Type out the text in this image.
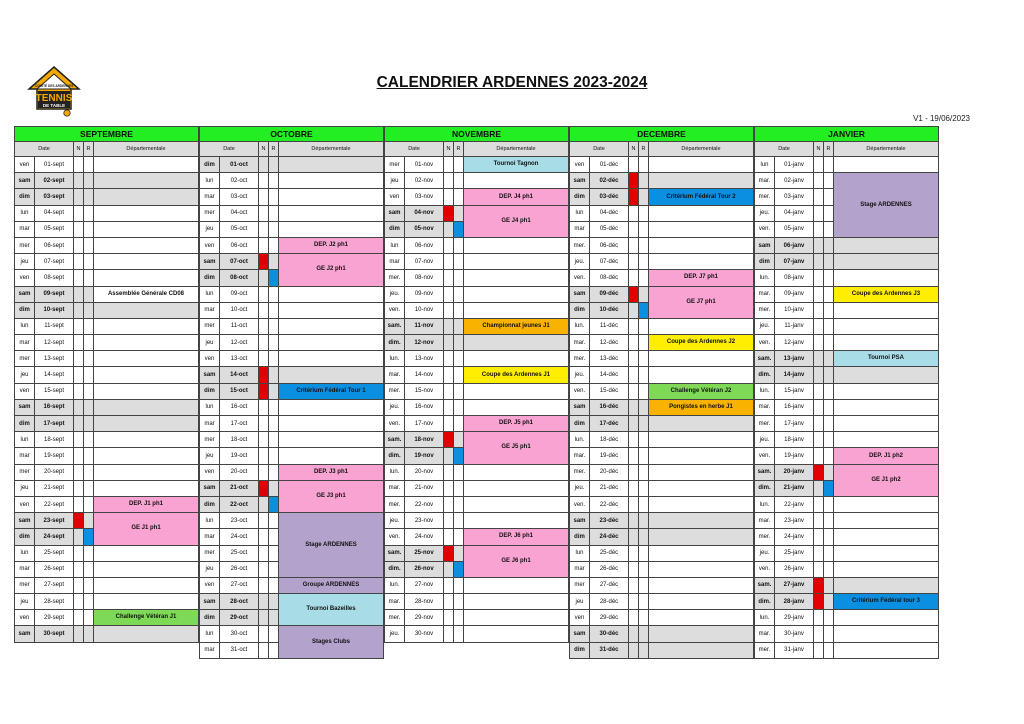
COMITÉ DES ARDENNES
TENNIS
DE TABLE
CALENDRIER ARDENNES 2023-2024
V1 - 19/06/2023
SEPTEMBRE					OCTOBRE					NOVEMBRE					DECEMBRE					JANVIER				
Date		N	R	Départementale		Date		N	R	Départementale		Date		N	R	Départementale		Date		N	R	Départementale		Date		N	R	Départementale
ven	01-sept					dim	01-oct					mer	01-nov			Tournoi Tagnon		ven	01-déc					lun	01-janv			
sam	02-sept					lun	02-oct					jeu	02-nov					sam	02-déc					mar.	02-janv			Stage ARDENNES
dim	03-sept					mar	03-oct					ven	03-nov			DEP. J4 ph1		dim	03-déc			Critérium Fédéral Tour 2		mer.	03-janv			
lun	04-sept					mer	04-oct					sam	04-nov			GE J4 ph1		lun	04-déc					jeu.	04-janv			
mar	05-sept					jeu	05-oct					dim	05-nov				mar	05-déc					ven.	05-janv			
mer	06-sept					ven	06-oct			DEP. J2 ph1		lun	06-nov					mer.	06-déc					sam	06-janv			
jeu	07-sept					sam	07-oct			GE J2 ph1		mar	07-nov					jeu.	07-déc					dim	07-janv			
ven	08-sept					dim	08-oct				mer.	08-nov					ven.	08-déc			DEP. J7 ph1		lun.	08-janv			
sam	09-sept			Assemblée Générale CD08		lun	09-oct					jeu.	09-nov					sam	09-déc			GE J7 ph1		mar.	09-janv			Coupe des Ardennes J3
dim	10-sept					mar	10-oct					ven.	10-nov					dim	10-déc				mer.	10-janv			
lun	11-sept					mer	11-oct					sam.	11-nov			Championnat jeunes J1		lun.	11-déc					jeu.	11-janv			
mar	12-sept					jeu	12-oct					dim.	12-nov					mar.	12-déc			Coupe des Ardennes J2		ven.	12-janv			
mer	13-sept					ven	13-oct					lun.	13-nov					mer.	13-déc					sam.	13-janv			Tournoi PSA
jeu	14-sept					sam	14-oct					mar.	14-nov			Coupe des Ardennes J1		jeu.	14-déc					dim.	14-janv			
ven	15-sept					dim	15-oct			Critérium Fédéral Tour 1		mer.	15-nov					ven.	15-déc			Challenge Vétéran J2		lun.	15-janv			
sam	16-sept					lun	16-oct					jeu.	16-nov					sam	16-déc			Pongistes en herbe J1		mar.	16-janv			
dim	17-sept					mar	17-oct					ven.	17-nov			DEP. J5 ph1		dim	17-déc					mer.	17-janv			
lun	18-sept					mer	18-oct					sam.	18-nov			GE J5 ph1		lun.	18-déc					jeu.	18-janv			
mar	19-sept					jeu	19-oct					dim.	19-nov				mar.	19-déc					ven.	19-janv			DEP. J1 ph2
mer	20-sept					ven	20-oct			DEP. J3 ph1		lun.	20-nov					mer.	20-déc					sam.	20-janv			GE J1 ph2
jeu	21-sept					sam	21-oct			GE J3 ph1		mar.	21-nov					jeu.	21-déc					dim.	21-janv			
ven	22-sept			DEP. J1 ph1		dim	22-oct				mer.	22-nov					ven.	22-déc					lun.	22-janv			
sam	23-sept			GE J1 ph1		lun	23-oct			Stage ARDENNES		jeu.	23-nov					sam	23-déc					mar.	23-janv			
dim	24-sept				mar	24-oct				ven.	24-nov			DEP. J6 ph1		dim	24-déc					mer.	24-janv			
lun	25-sept					mer	25-oct				sam.	25-nov			GE J6 ph1		lun	25-déc					jeu.	25-janv			
mar	26-sept					jeu	26-oct				dim.	26-nov				mar	26-déc					ven.	26-janv			
mer	27-sept					ven	27-oct			Groupe ARDENNES		lun.	27-nov					mer	27-déc					sam.	27-janv			
jeu	28-sept					sam	28-oct			Tournoi Bazeilles		mar.	28-nov					jeu	28-déc					dim.	28-janv			Critérium Fédéral tour 3
ven	29-sept			Challenge Vétéran J1		dim	29-oct				mer.	29-nov					ven	29-déc					lun.	29-janv			
sam	30-sept					lun	30-oct			Stages Clubs		jeu.	30-nov					sam	30-déc					mar.	30-janv			
						mar	31-oct										dim	31-déc					mer.	31-janv			
